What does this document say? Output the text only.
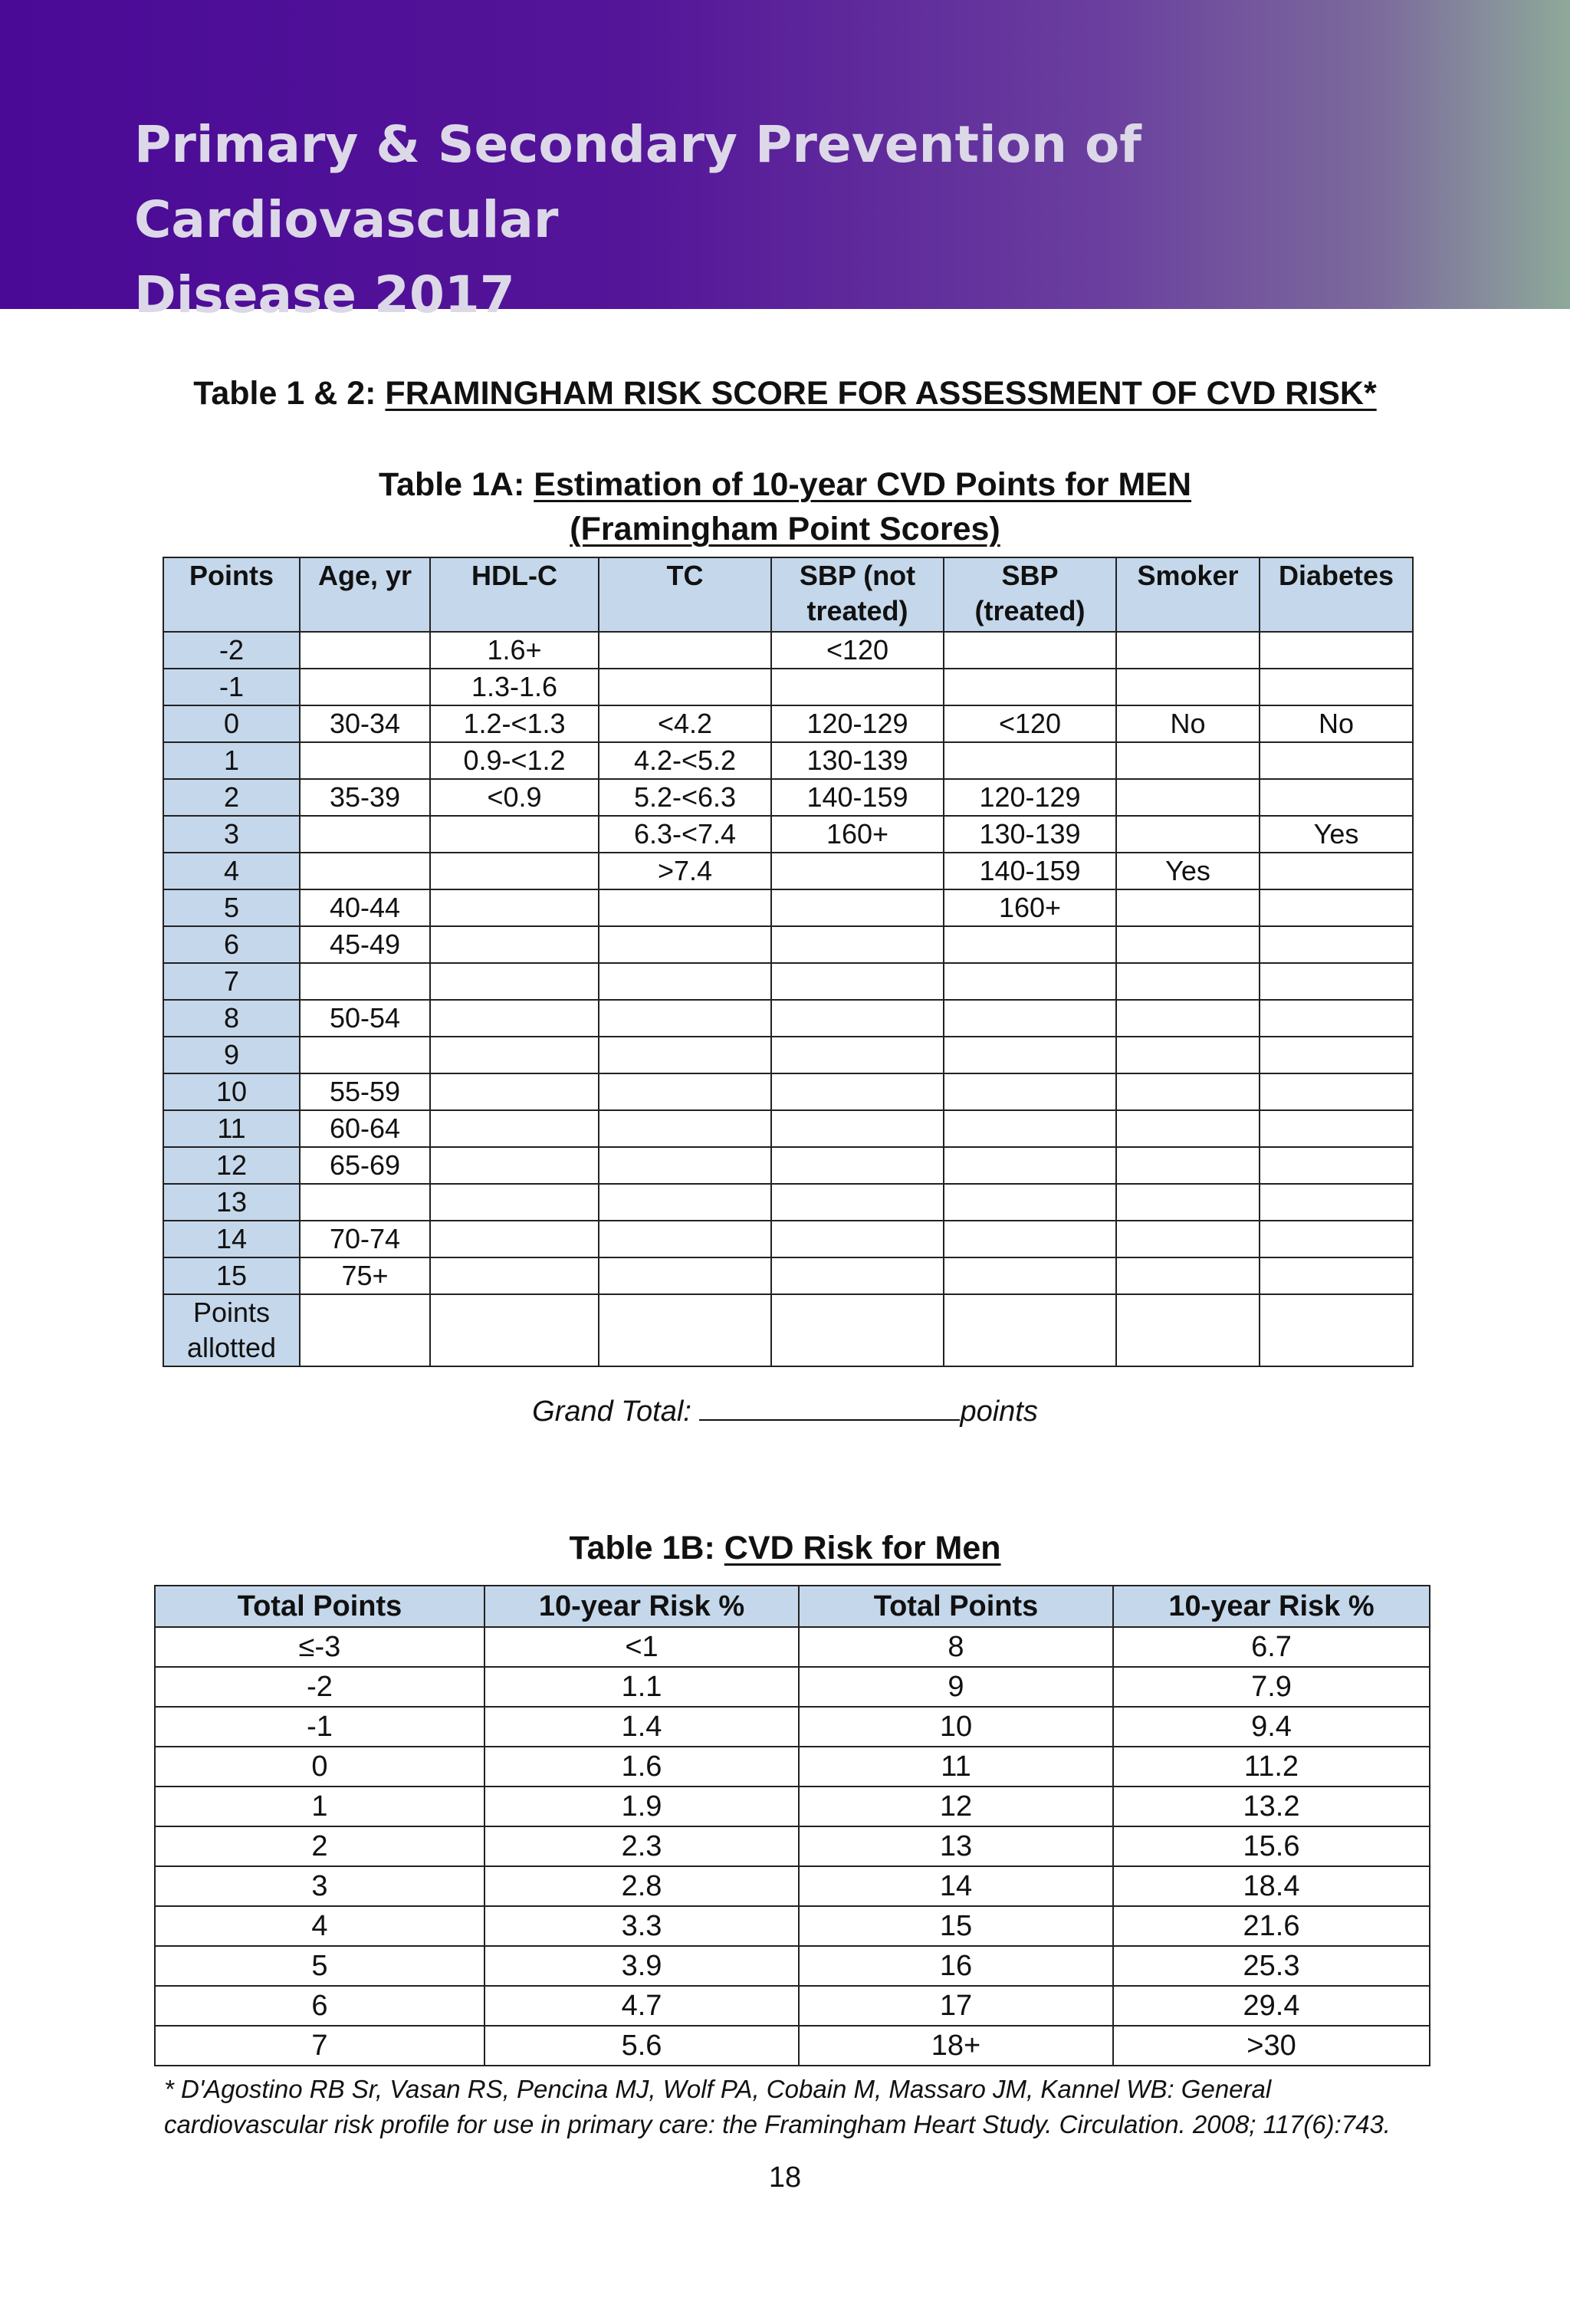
Primary & Secondary Prevention of Cardiovascular
Disease 2017
Table 1 & 2: FRAMINGHAM RISK SCORE FOR ASSESSMENT OF CVD RISK*
Table 1A: Estimation of 10-year CVD Points for MEN
(Framingham Point Scores)
Points	Age, yr	HDL-C	TC	SBP (not treated)	SBP (treated)	Smoker	Diabetes
-2		1.6+		<120			
-1		1.3-1.6					
0	30-34	1.2-<1.3	<4.2	120-129	<120	No	No
1		0.9-<1.2	4.2-<5.2	130-139			
2	35-39	<0.9	5.2-<6.3	140-159	120-129		
3			6.3-<7.4	160+	130-139		Yes
4			>7.4		140-159	Yes	
5	40-44				160+		
6	45-49						
7							
8	50-54						
9							
10	55-59						
11	60-64						
12	65-69						
13							
14	70-74						
15	75+						
Points allotted							
Grand Total:	points
Table 1B: CVD Risk for Men
Total Points	10-year Risk %	Total Points	10-year Risk %
≤-3	<1	8	6.7
-2	1.1	9	7.9
-1	1.4	10	9.4
0	1.6	11	11.2
1	1.9	12	13.2
2	2.3	13	15.6
3	2.8	14	18.4
4	3.3	15	21.6
5	3.9	16	25.3
6	4.7	17	29.4
7	5.6	18+	>30
* D'Agostino RB Sr, Vasan RS, Pencina MJ, Wolf PA, Cobain M, Massaro JM, Kannel WB: General
cardiovascular risk profile for use in primary care: the Framingham Heart Study. Circulation. 2008; 117(6):743.
18
